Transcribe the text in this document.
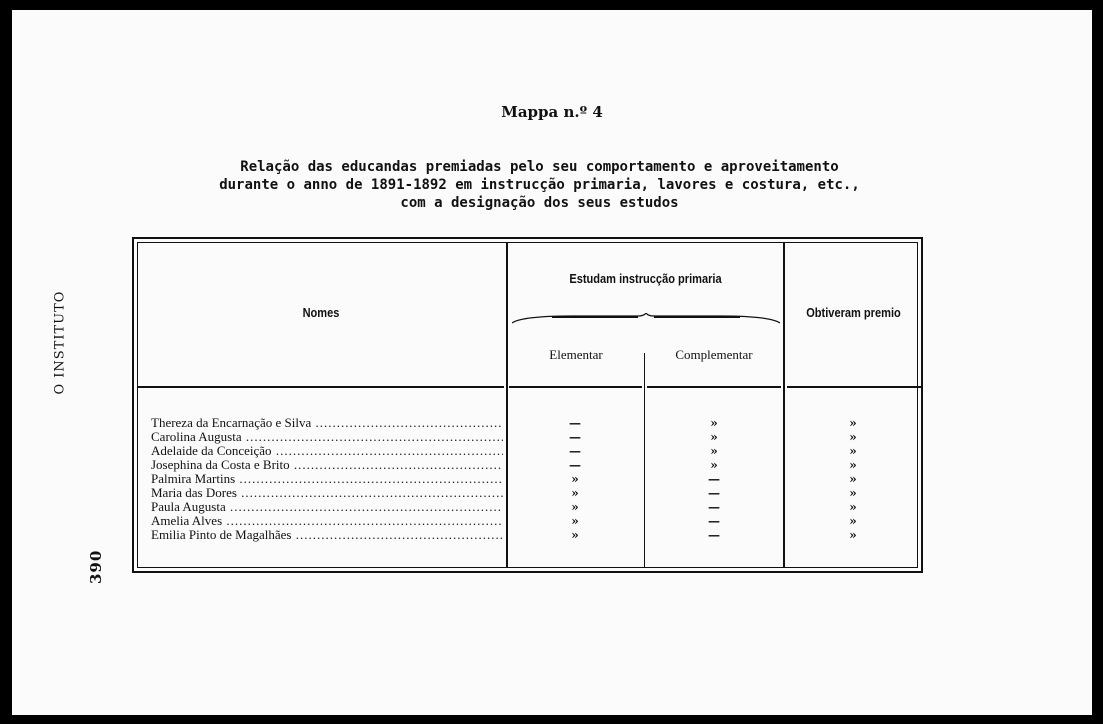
O INSTITUTO
390
Mappa n.º 4
Relação das educandas premiadas pelo seu comportamento e aproveitamento
durante o anno de 1891-1892 em instrucção primaria, lavores e costura, etc.,
com a designação dos seus estudos
Nomes
Estudam instrucção primaria
Obtiveram premio
Elementar	Complementar
Thereza da Encarnação e Silva .....	—	»	»
Carolina Augusta .....	—	»	»
Adelaide da Conceição .....	—	»	»
Josephina da Costa e Brito .....	—	»	»
Palmira Martins .....	»	—	»
Maria das Dores .....	»	—	»
Paula Augusta .....	»	—	»
Amelia Alves .....	»	—	»
Emilia Pinto de Magalhães .....	»	—	»
